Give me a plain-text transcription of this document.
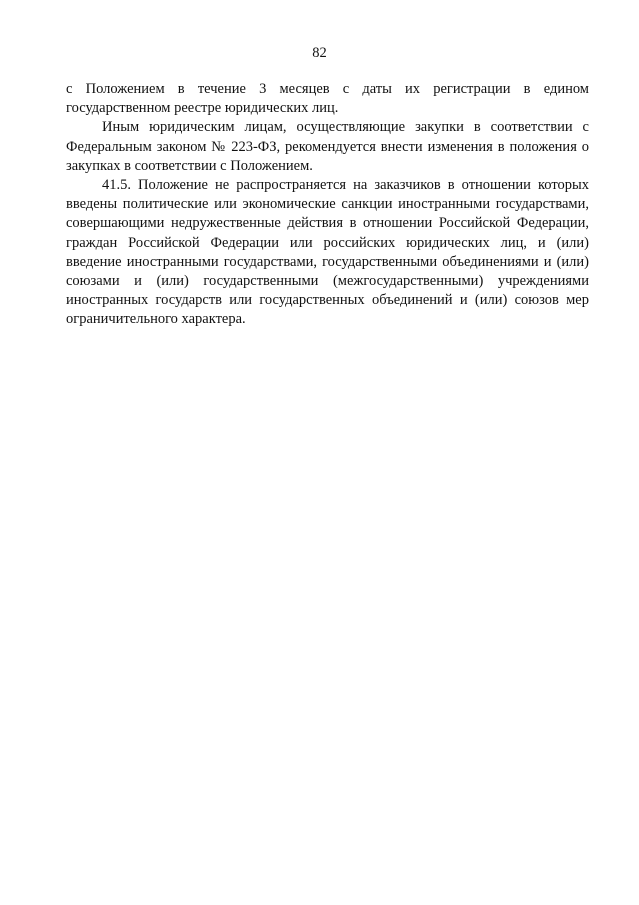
82

с Положением в течение 3 месяцев с даты их регистрации в едином государственном реестре юридических лиц.

Иным юридическим лицам, осуществляющие закупки в соответствии с Федеральным законом № 223-ФЗ, рекомендуется внести изменения в положения о закупках в соответствии с Положением.

41.5. Положение не распространяется на заказчиков в отношении которых введены политические или экономические санкции иностранными государствами, совершающими недружественные действия в отношении Российской Федерации, граждан Российской Федерации или российских юридических лиц, и (или) введение иностранными государствами, государственными объединениями и (или) союзами и (или) государственными (межгосударственными) учреждениями иностранных государств или государственных объединений и (или) союзов мер ограничительного характера.
